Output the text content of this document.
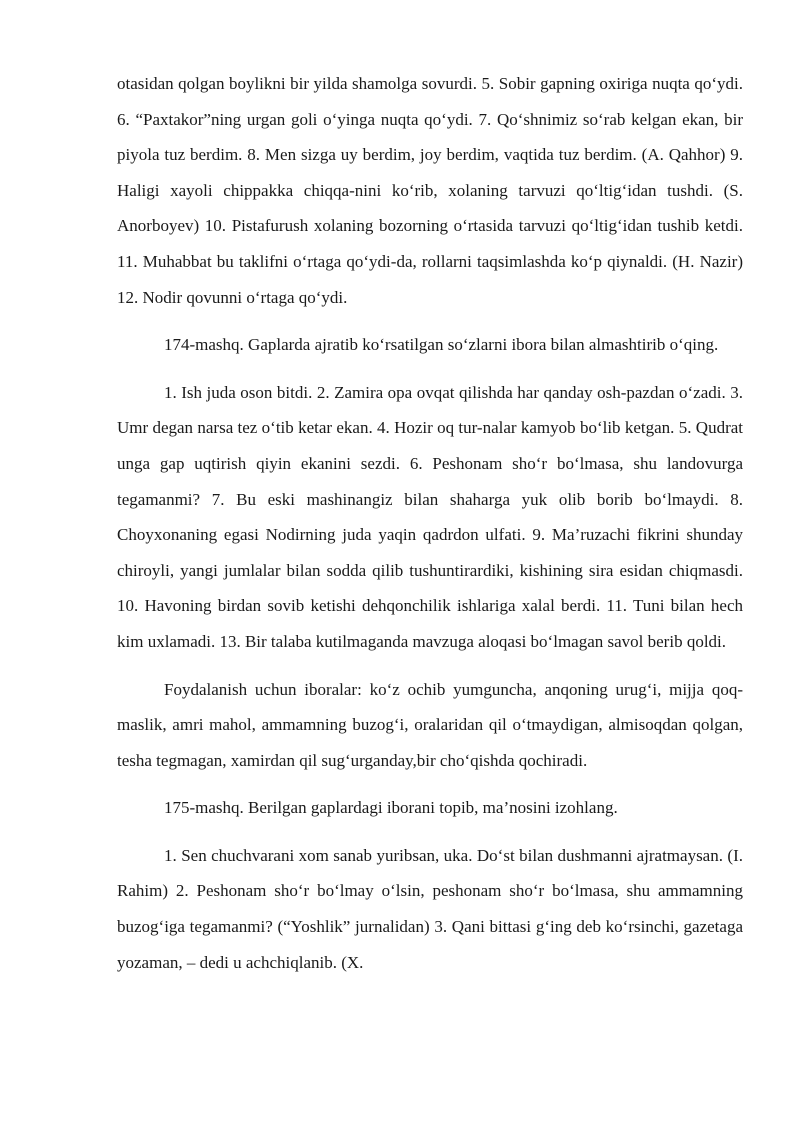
otasidan qolgan boylikni bir yilda shamolga sovurdi. 5. Sobir gapning oxiriga nuqta qo‘ydi. 6. “Paxtakor”ning urgan goli o‘yinga nuqta qo‘ydi. 7. Qo‘shnimiz so‘rab kelgan ekan, bir piyola tuz berdim. 8. Men sizga uy berdim, joy berdim, vaqtida tuz berdim. (A. Qahhor) 9. Haligi xayoli chippakka chiqqa-nini ko‘rib, xolaning tarvuzi qo‘ltig‘idan tushdi. (S. Anorboyev) 10. Pistafurush xolaning bozorning o‘rtasida tarvuzi qo‘ltig‘idan tushib ketdi. 11. Muhabbat bu taklifni o‘rtaga qo‘ydi-da, rollarni taqsimlashda ko‘p qiynaldi. (H. Nazir) 12. Nodir qovunni o‘rtaga qo‘ydi.

174-mashq. Gaplarda ajratib ko‘rsatilgan so‘zlarni ibora bilan almashtirib o‘qing.

1. Ish juda oson bitdi. 2. Zamira opa ovqat qilishda har qanday osh-pazdan o‘zadi. 3. Umr degan narsa tez o‘tib ketar ekan. 4. Hozir oq tur-nalar kamyob bo‘lib ketgan. 5. Qudrat unga gap uqtirish qiyin ekanini sezdi. 6. Peshonam sho‘r bo‘lmasa, shu landovurga tegamanmi? 7. Bu eski mashinangiz bilan shaharga yuk olib borib bo‘lmaydi. 8. Choyxonaning egasi Nodirning juda yaqin qadrdon ulfati. 9. Ma’ruzachi fikrini shunday chiroyli, yangi jumlalar bilan sodda qilib tushuntirardiki, kishining sira esidan chiqmasdi. 10. Havoning birdan sovib ketishi dehqonchilik ishlariga xalal berdi. 11. Tuni bilan hech kim uxlamadi. 13. Bir talaba kutilmaganda mavzuga aloqasi bo‘lmagan savol berib qoldi.

Foydalanish uchun iboralar: ko‘z ochib yumguncha, anqoning urug‘i, mijja qoq-maslik, amri mahol, ammamning buzog‘i, oralaridan qil o‘tmaydigan, almisoqdan qolgan, tesha tegmagan, xamirdan qil sug‘urganday,bir cho‘qishda qochiradi.

175-mashq. Berilgan gaplardagi iborani topib, ma’nosini izohlang.

1. Sen chuchvarani xom sanab yuribsan, uka. Do‘st bilan dushmanni ajratmaysan. (I. Rahim) 2. Peshonam sho‘r bo‘lmay o‘lsin, peshonam sho‘r bo‘lmasa, shu ammamning buzog‘iga tegamanmi? (“Yoshlik” jurnalidan) 3. Qani bittasi g‘ing deb ko‘rsinchi, gazetaga yozaman, – dedi u achchiqlanib. (X.
